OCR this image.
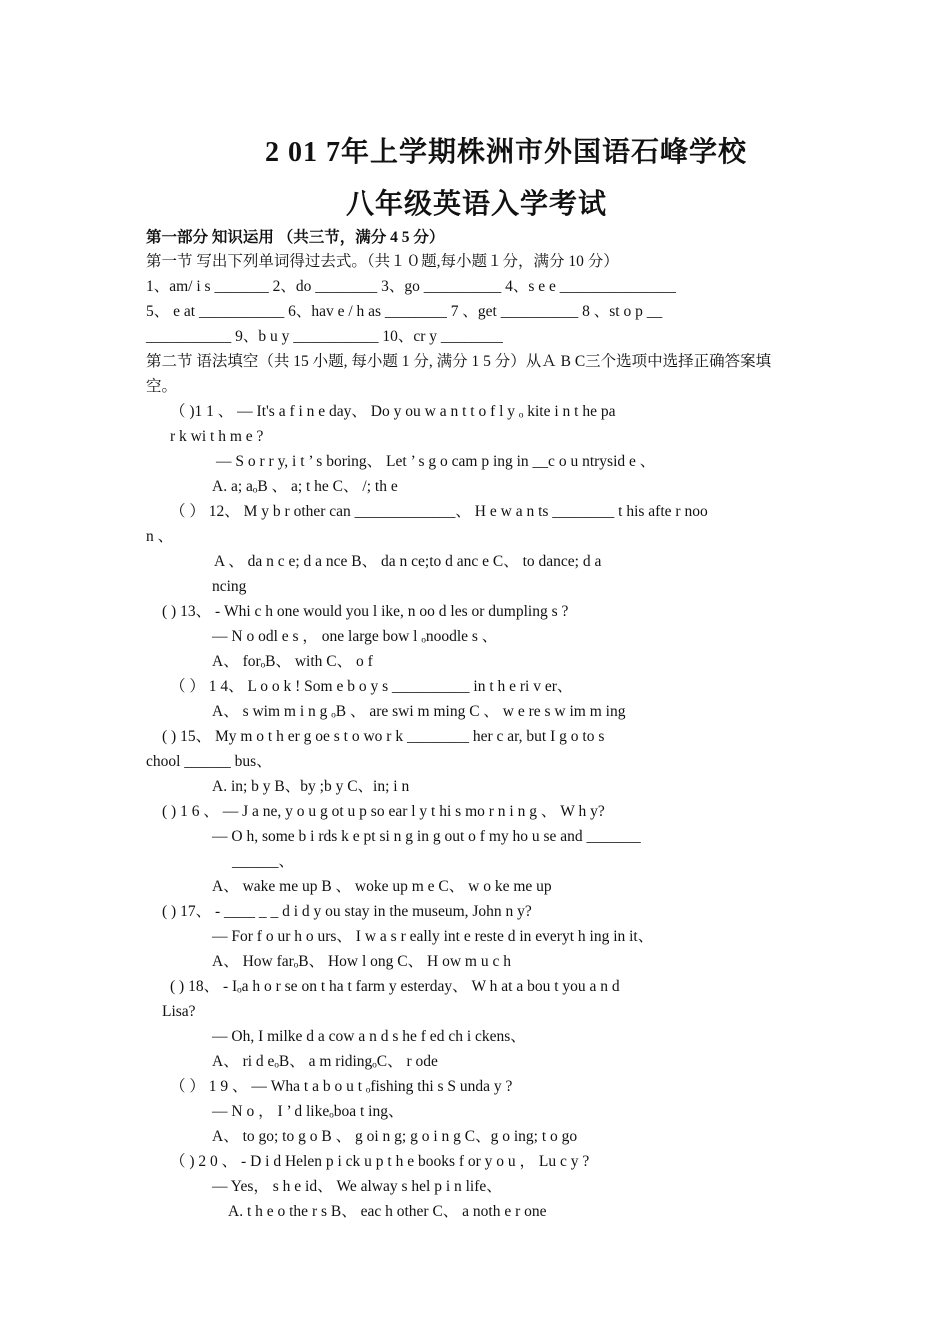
2 01 7年上学期株洲市外国语石峰学校
八年级英语入学考试
第一部分 知识运用 （共三节，满分 4 5 分）
第一节 写出下列单词得过去式。（共１０题,每小题１分，满分 10 分）
1、am/ i s _______ 2、do ________ 3、go __________ 4、s e e _______________
5、 e at ___________ 6、hav e / h as ________ 7 、get __________ 8 、st o p __
___________ 9、b u y ___________ 10、cr y ________
第二节 语法填空（共 15 小题, 每小题 1 分, 满分 1 5 分）从Ａ B C三个选项中选择正确答案填
空。
（ )1 1 、 — It's a f i n e day、 Do y ou w a n t t o f l y ₒ kite i n t he pa
r k wi t h m e ?
— S o r r y, i t ’ s boring、 Let ’ s g o cam p ing in __c o u ntrysid e 、
A. a; aₒB 、 a; t he C、 /; th e
（ ） 12、 M y b r other can _____________、 H e w a n ts ________ t his afte r noo
n 、
A 、 da n c e; d a nce B、 da n ce;to d anc e C、 to dance; d a
ncing
( ) 13、 - Whi c h one would you l ike, n oo d les or dumpling s ?
— N o odl e s ， one large bow l ₒnoodle s 、
A、 forₒB、 with C、 o f
（ ） 1 4、 L o o k ! Som e b o y s __________ in t h e ri v er、
A、 s wim m i n g ₒB 、 are swi m ming C 、 w e re s w im m ing
( ) 15、 My m o t h er g oe s t o wo r k ________ her c ar, but I g o to s
chool ______ bus、
A. in; b y B、by ;b y C、in; i n
( ) 1 6 、 — J a ne, y o u g ot u p so ear l y t hi s mo r n i n g 、 W h y?
— O h, some b i rds k e pt si n g in g out o f my ho u se and _______
______、
A、 wake me up B 、 woke up m e C、 w o ke me up
( ) 17、 - ____ _ _ d i d y ou stay in the museum, John n y?
— For f o ur h o urs、 I w a s r eally int e reste d in everyt h ing in it、
A、 How farₒB、 How l ong C、 H ow m u c h
( ) 18、 - Iₒa h o r se on t ha t farm y esterday、 W h at a bou t you a n d
Lisa?
— Oh, I milke d a cow a n d s he f ed ch i ckens、
A、 ri d eₒB、 a m ridingₒC、 r ode
（ ） 1 9 、 — Wha t a b o u t ₒfishing thi s S unda y ?
— N o ， I ’ d likeₒboa t ing、
A、 to go; to g o B 、 g oi n g; g o i n g C、g o ing; t o go
（ ) 2 0 、 - D i d Helen p i ck u p t h e books f or y o u ， Lu c y ?
— Yes， s h e id、 We alway s hel p i n life、
A. t h e o the r s B、 eac h other C、 a noth e r one
